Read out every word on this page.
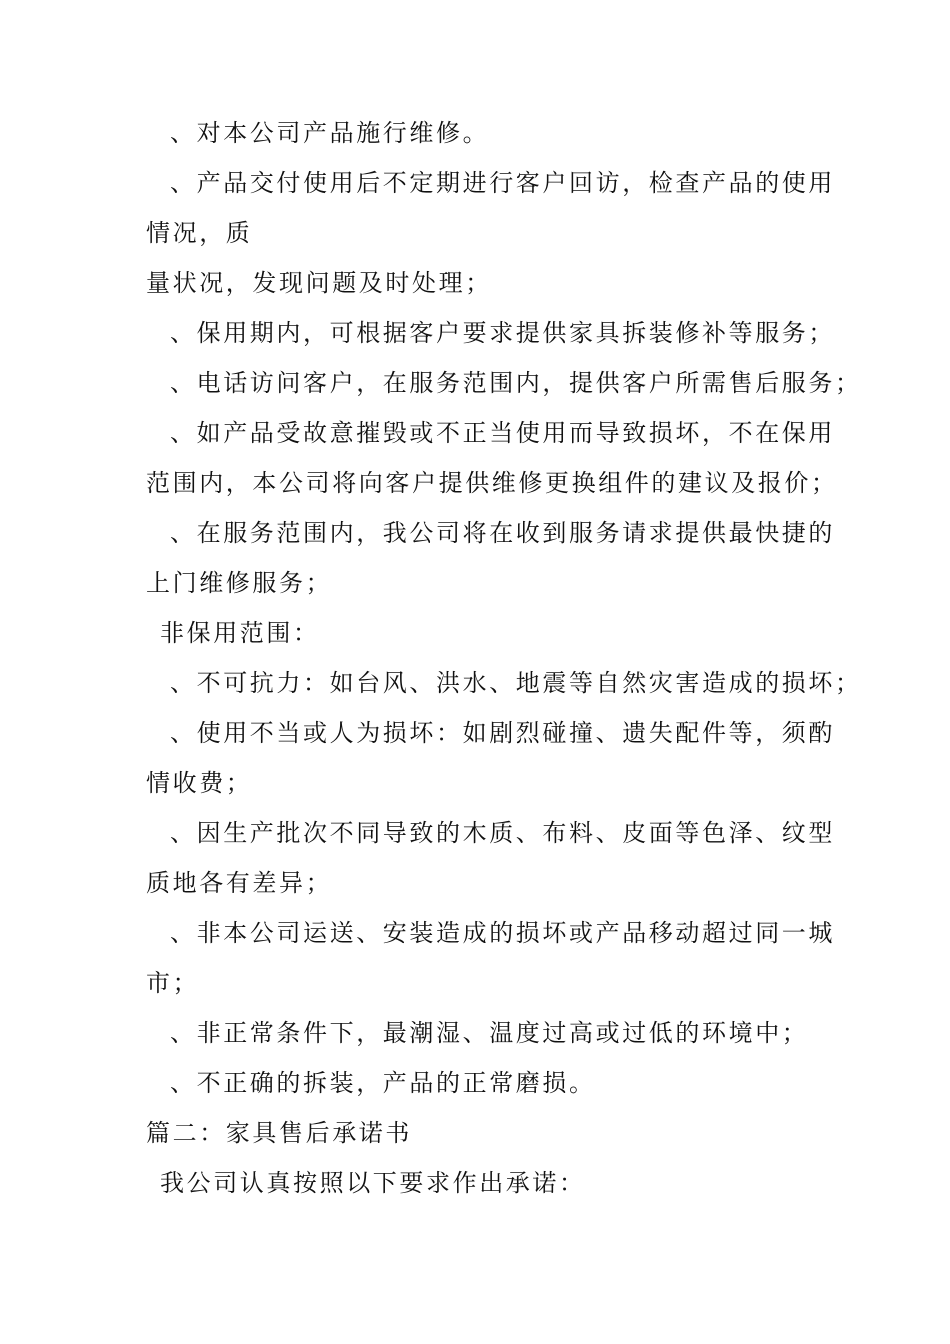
、对本公司产品施行维修。
、产品交付使用后不定期进行客户回访，检查产品的使用
情况，质
量状况，发现问题及时处理；
、保用期内，可根据客户要求提供家具拆装修补等服务；
、电话访问客户，在服务范围内，提供客户所需售后服务；
、如产品受故意摧毁或不正当使用而导致损坏，不在保用
范围内，本公司将向客户提供维修更换组件的建议及报价；
、在服务范围内，我公司将在收到服务请求提供最快捷的
上门维修服务；
非保用范围：
、不可抗力：如台风、洪水、地震等自然灾害造成的损坏；
、使用不当或人为损坏：如剧烈碰撞、遗失配件等，须酌
情收费；
、因生产批次不同导致的木质、布料、皮面等色泽、纹型
质地各有差异；
、非本公司运送、安装造成的损坏或产品移动超过同一城
市；
、非正常条件下，最潮湿、温度过高或过低的环境中；
、不正确的拆装，产品的正常磨损。
篇二：家具售后承诺书
我公司认真按照以下要求作出承诺：
